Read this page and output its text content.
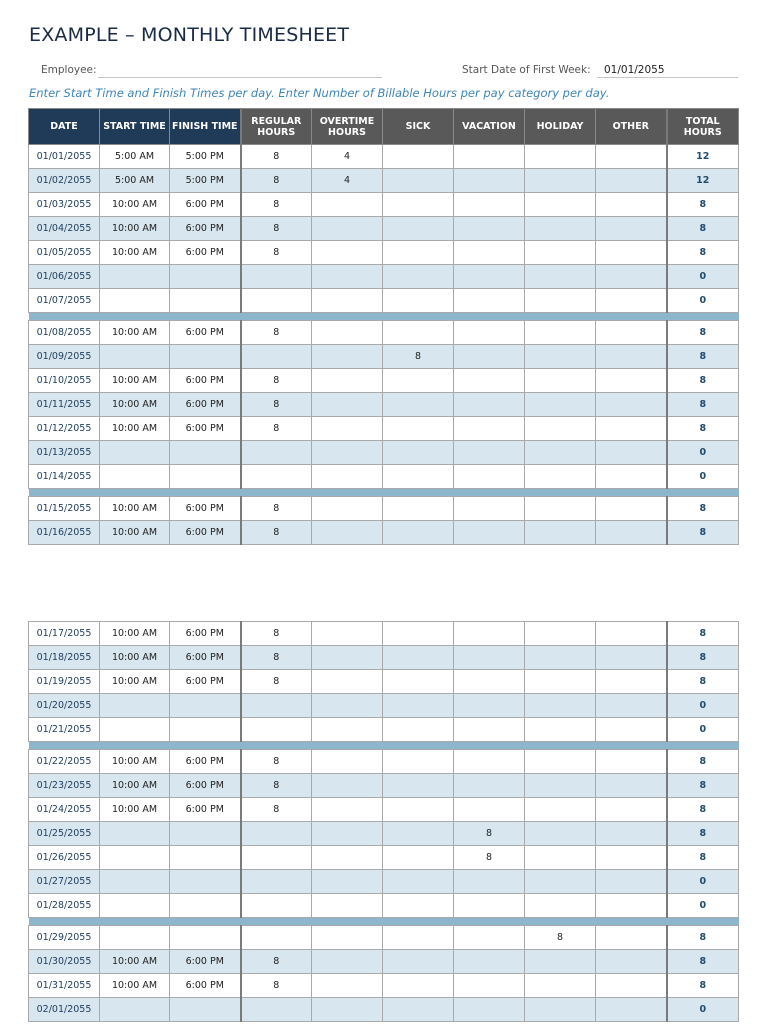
EXAMPLE – MONTHLY TIMESHEET
Employee:	Start Date of First Week: 01/01/2055
Enter Start Time and Finish Times per day. Enter Number of Billable Hours per pay category per day.
DATE	START TIME	FINISH TIME	REGULAR HOURS	OVERTIME HOURS	SICK	VACATION	HOLIDAY	OTHER	TOTAL HOURS
01/01/2055	5:00 AM	5:00 PM	8	4					12
01/02/2055	5:00 AM	5:00 PM	8	4					12
01/03/2055	10:00 AM	6:00 PM	8						8
01/04/2055	10:00 AM	6:00 PM	8						8
01/05/2055	10:00 AM	6:00 PM	8						8
01/06/2055									0
01/07/2055									0

01/08/2055	10:00 AM	6:00 PM	8						8
01/09/2055					8				8
01/10/2055	10:00 AM	6:00 PM	8						8
01/11/2055	10:00 AM	6:00 PM	8						8
01/12/2055	10:00 AM	6:00 PM	8						8
01/13/2055									0
01/14/2055									0

01/15/2055	10:00 AM	6:00 PM	8						8
01/16/2055	10:00 AM	6:00 PM	8						8
01/17/2055	10:00 AM	6:00 PM	8						8
01/18/2055	10:00 AM	6:00 PM	8						8
01/19/2055	10:00 AM	6:00 PM	8						8
01/20/2055									0
01/21/2055									0

01/22/2055	10:00 AM	6:00 PM	8						8
01/23/2055	10:00 AM	6:00 PM	8						8
01/24/2055	10:00 AM	6:00 PM	8						8
01/25/2055						8			8
01/26/2055						8			8
01/27/2055									0
01/28/2055									0

01/29/2055							8		8
01/30/2055	10:00 AM	6:00 PM	8						8
01/31/2055	10:00 AM	6:00 PM	8						8
02/01/2055									0
